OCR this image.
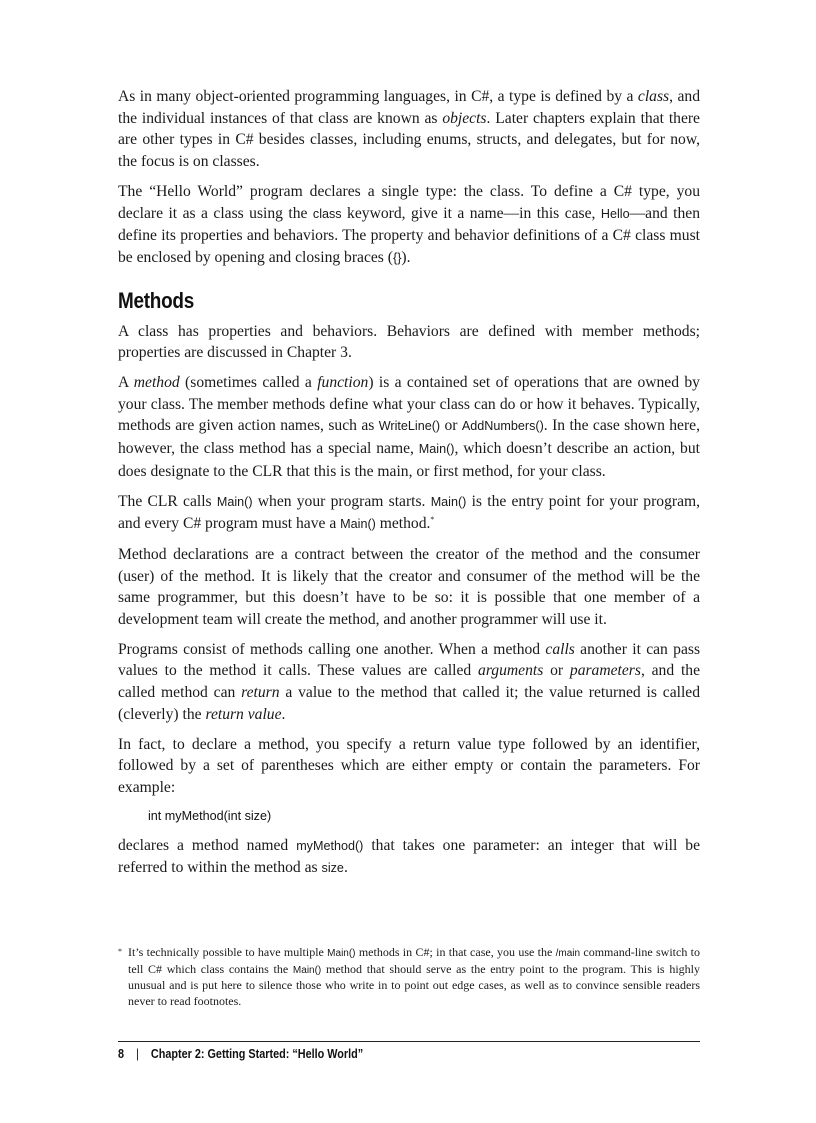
As in many object-oriented programming languages, in C#, a type is defined by a class, and the individual instances of that class are known as objects. Later chapters explain that there are other types in C# besides classes, including enums, structs, and delegates, but for now, the focus is on classes.

The “Hello World” program declares a single type: the class. To define a C# type, you declare it as a class using the class keyword, give it a name—in this case, Hello—and then define its properties and behaviors. The property and behavior definitions of a C# class must be enclosed by opening and closing braces ({}).

Methods

A class has properties and behaviors. Behaviors are defined with member methods; properties are discussed in Chapter 3.

A method (sometimes called a function) is a contained set of operations that are owned by your class. The member methods define what your class can do or how it behaves. Typically, methods are given action names, such as WriteLine() or AddNumbers(). In the case shown here, however, the class method has a special name, Main(), which doesn’t describe an action, but does designate to the CLR that this is the main, or first method, for your class.

The CLR calls Main() when your program starts. Main() is the entry point for your program, and every C# program must have a Main() method.*

Method declarations are a contract between the creator of the method and the consumer (user) of the method. It is likely that the creator and consumer of the method will be the same programmer, but this doesn’t have to be so: it is possible that one member of a development team will create the method, and another programmer will use it.

Programs consist of methods calling one another. When a method calls another it can pass values to the method it calls. These values are called arguments or parameters, and the called method can return a value to the method that called it; the value returned is called (cleverly) the return value.

In fact, to declare a method, you specify a return value type followed by an identifier, followed by a set of parentheses which are either empty or contain the parameters. For example:

int myMethod(int size)

declares a method named myMethod() that takes one parameter: an integer that will be referred to within the method as size.

* It’s technically possible to have multiple Main() methods in C#; in that case, you use the /main command-line switch to tell C# which class contains the Main() method that should serve as the entry point to the program. This is highly unusual and is put here to silence those who write in to point out edge cases, as well as to convince sensible readers never to read footnotes.
8 | Chapter 2: Getting Started: “Hello World”
